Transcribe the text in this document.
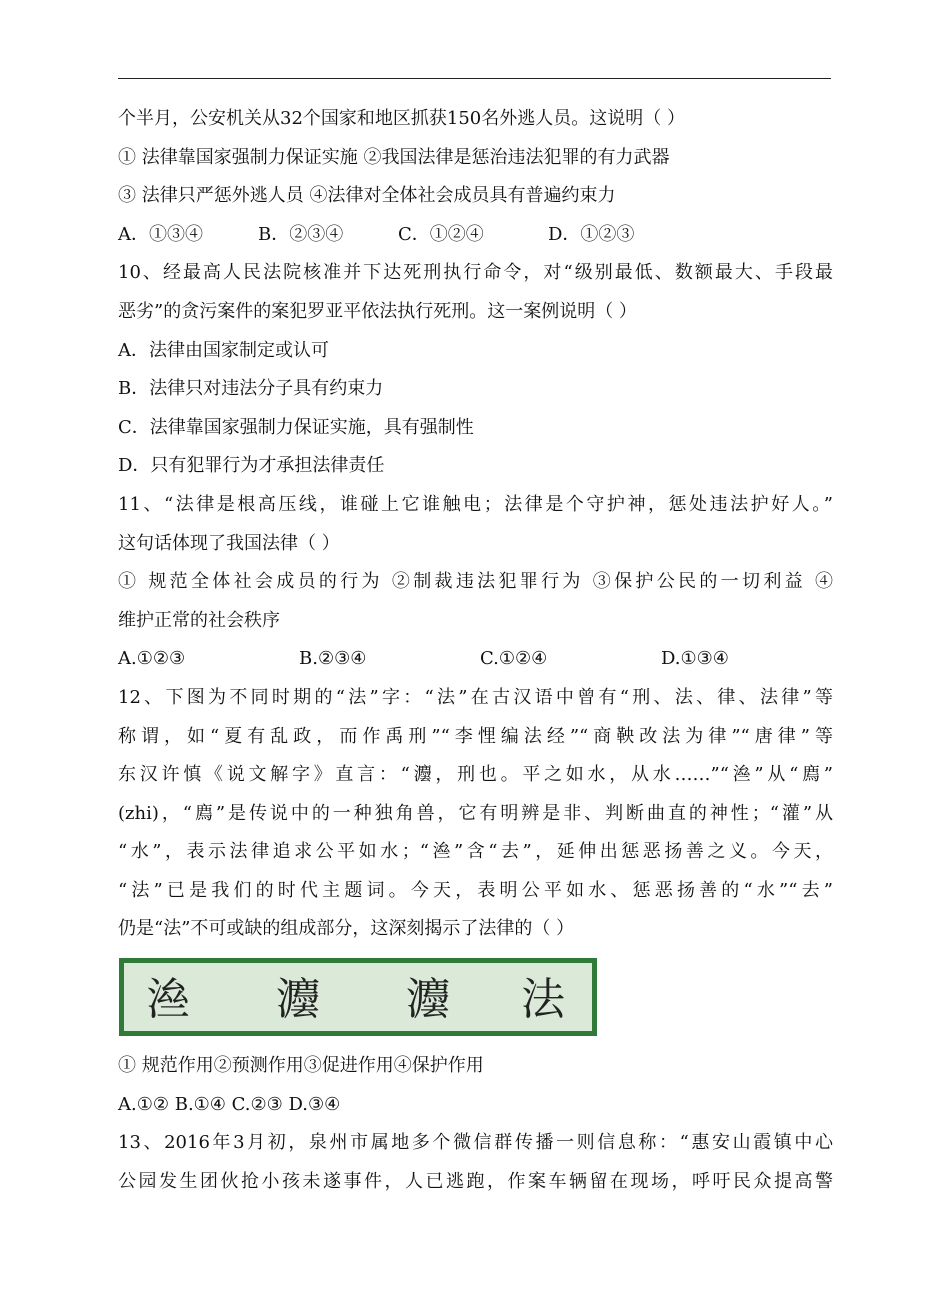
个半月，公安机关从32个国家和地区抓获150名外逃人员。这说明（ ）
① 法律靠国家强制力保证实施 ②我国法律是惩治违法犯罪的有力武器
③ 法律只严惩外逃人员 ④法律对全体社会成员具有普遍约束力
A．①③④	B．②③④	C．①②④	D．①②③
10、经最高人民法院核准并下达死刑执行命令，对“级别最低、数额最大、手段最
恶劣”的贪污案件的案犯罗亚平依法执行死刑。这一案例说明（ ）
A．法律由国家制定或认可
B．法律只对违法分子具有约束力
C．法律靠国家强制力保证实施，具有强制性
D．只有犯罪行为才承担法律责任
11、“法律是根高压线，谁碰上它谁触电；法律是个守护神，惩处违法护好人。”
这句话体现了我国法律（ ）
① 规范全体社会成员的行为 ②制裁违法犯罪行为 ③保护公民的一切利益 ④
维护正常的社会秩序
A.①②③	B.②③④	C.①②④	D.①③④
12、下图为不同时期的“法”字：“法”在古汉语中曾有“刑、法、律、法律”等
称谓，如“夏有乱政，而作禹刑”“李悝编法经”“商鞅改法为律”“唐律”等
东汉许慎《说文解字》直言：“灋，刑也。平之如水，从水……”“㴉”从“廌”
(zhi)，“廌”是传说中的一种独角兽，它有明辨是非、判断曲直的神性；“灌”从
“水”，表示法律追求公平如水；“㴉”含“去”，延伸出惩恶扬善之义。今天，
“法”已是我们的时代主题词。今天，表明公平如水、惩恶扬善的“水”“去”
仍是“法”不可或缺的组成部分，这深刻揭示了法律的（ ）
㴉 灋 灋 法
① 规范作用②预测作用③促进作用④保护作用
A.①② B.①④ C.②③ D.③④
13、2016年3月初，泉州市属地多个微信群传播一则信息称：“惠安山霞镇中心
公园发生团伙抢小孩未遂事件，人已逃跑，作案车辆留在现场，呼吁民众提高警
